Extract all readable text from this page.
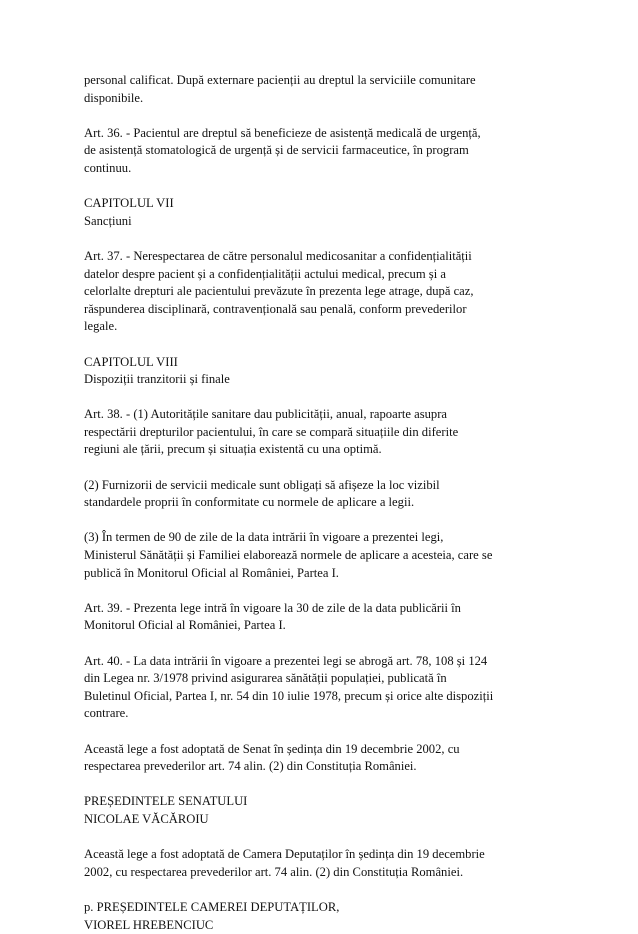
personal calificat. După externare pacienții au dreptul la serviciile comunitare
disponibile.

Art. 36. - Pacientul are dreptul să beneficieze de asistență medicală de urgență,
de asistență stomatologică de urgență și de servicii farmaceutice, în program
continuu.

CAPITOLUL VII
Sancțiuni

Art. 37. - Nerespectarea de către personalul medicosanitar a confidențialității
datelor despre pacient și a confidențialității actului medical, precum și a
celorlalte drepturi ale pacientului prevăzute în prezenta lege atrage, după caz,
răspunderea disciplinară, contravențională sau penală, conform prevederilor
legale.

CAPITOLUL VIII
Dispoziții tranzitorii și finale

Art. 38. - (1) Autoritățile sanitare dau publicității, anual, rapoarte asupra
respectării drepturilor pacientului, în care se compară situațiile din diferite
regiuni ale țării, precum și situația existentă cu una optimă.

(2) Furnizorii de servicii medicale sunt obligați să afișeze la loc vizibil
standardele proprii în conformitate cu normele de aplicare a legii.

(3) În termen de 90 de zile de la data intrării în vigoare a prezentei legi,
Ministerul Sănătății și Familiei elaborează normele de aplicare a acesteia, care se
publică în Monitorul Oficial al României, Partea I.

Art. 39. - Prezenta lege intră în vigoare la 30 de zile de la data publicării în
Monitorul Oficial al României, Partea I.

Art. 40. - La data intrării în vigoare a prezentei legi se abrogă art. 78, 108 și 124
din Legea nr. 3/1978 privind asigurarea sănătății populației, publicată în
Buletinul Oficial, Partea I, nr. 54 din 10 iulie 1978, precum și orice alte dispoziții
contrare.

Această lege a fost adoptată de Senat în ședința din 19 decembrie 2002, cu
respectarea prevederilor art. 74 alin. (2) din Constituția României.

PREȘEDINTELE SENATULUI
NICOLAE VĂCĂROIU

Această lege a fost adoptată de Camera Deputaților în ședința din 19 decembrie
2002, cu respectarea prevederilor art. 74 alin. (2) din Constituția României.

p. PREȘEDINTELE CAMEREI DEPUTAȚILOR,
VIOREL HREBENCIUC
